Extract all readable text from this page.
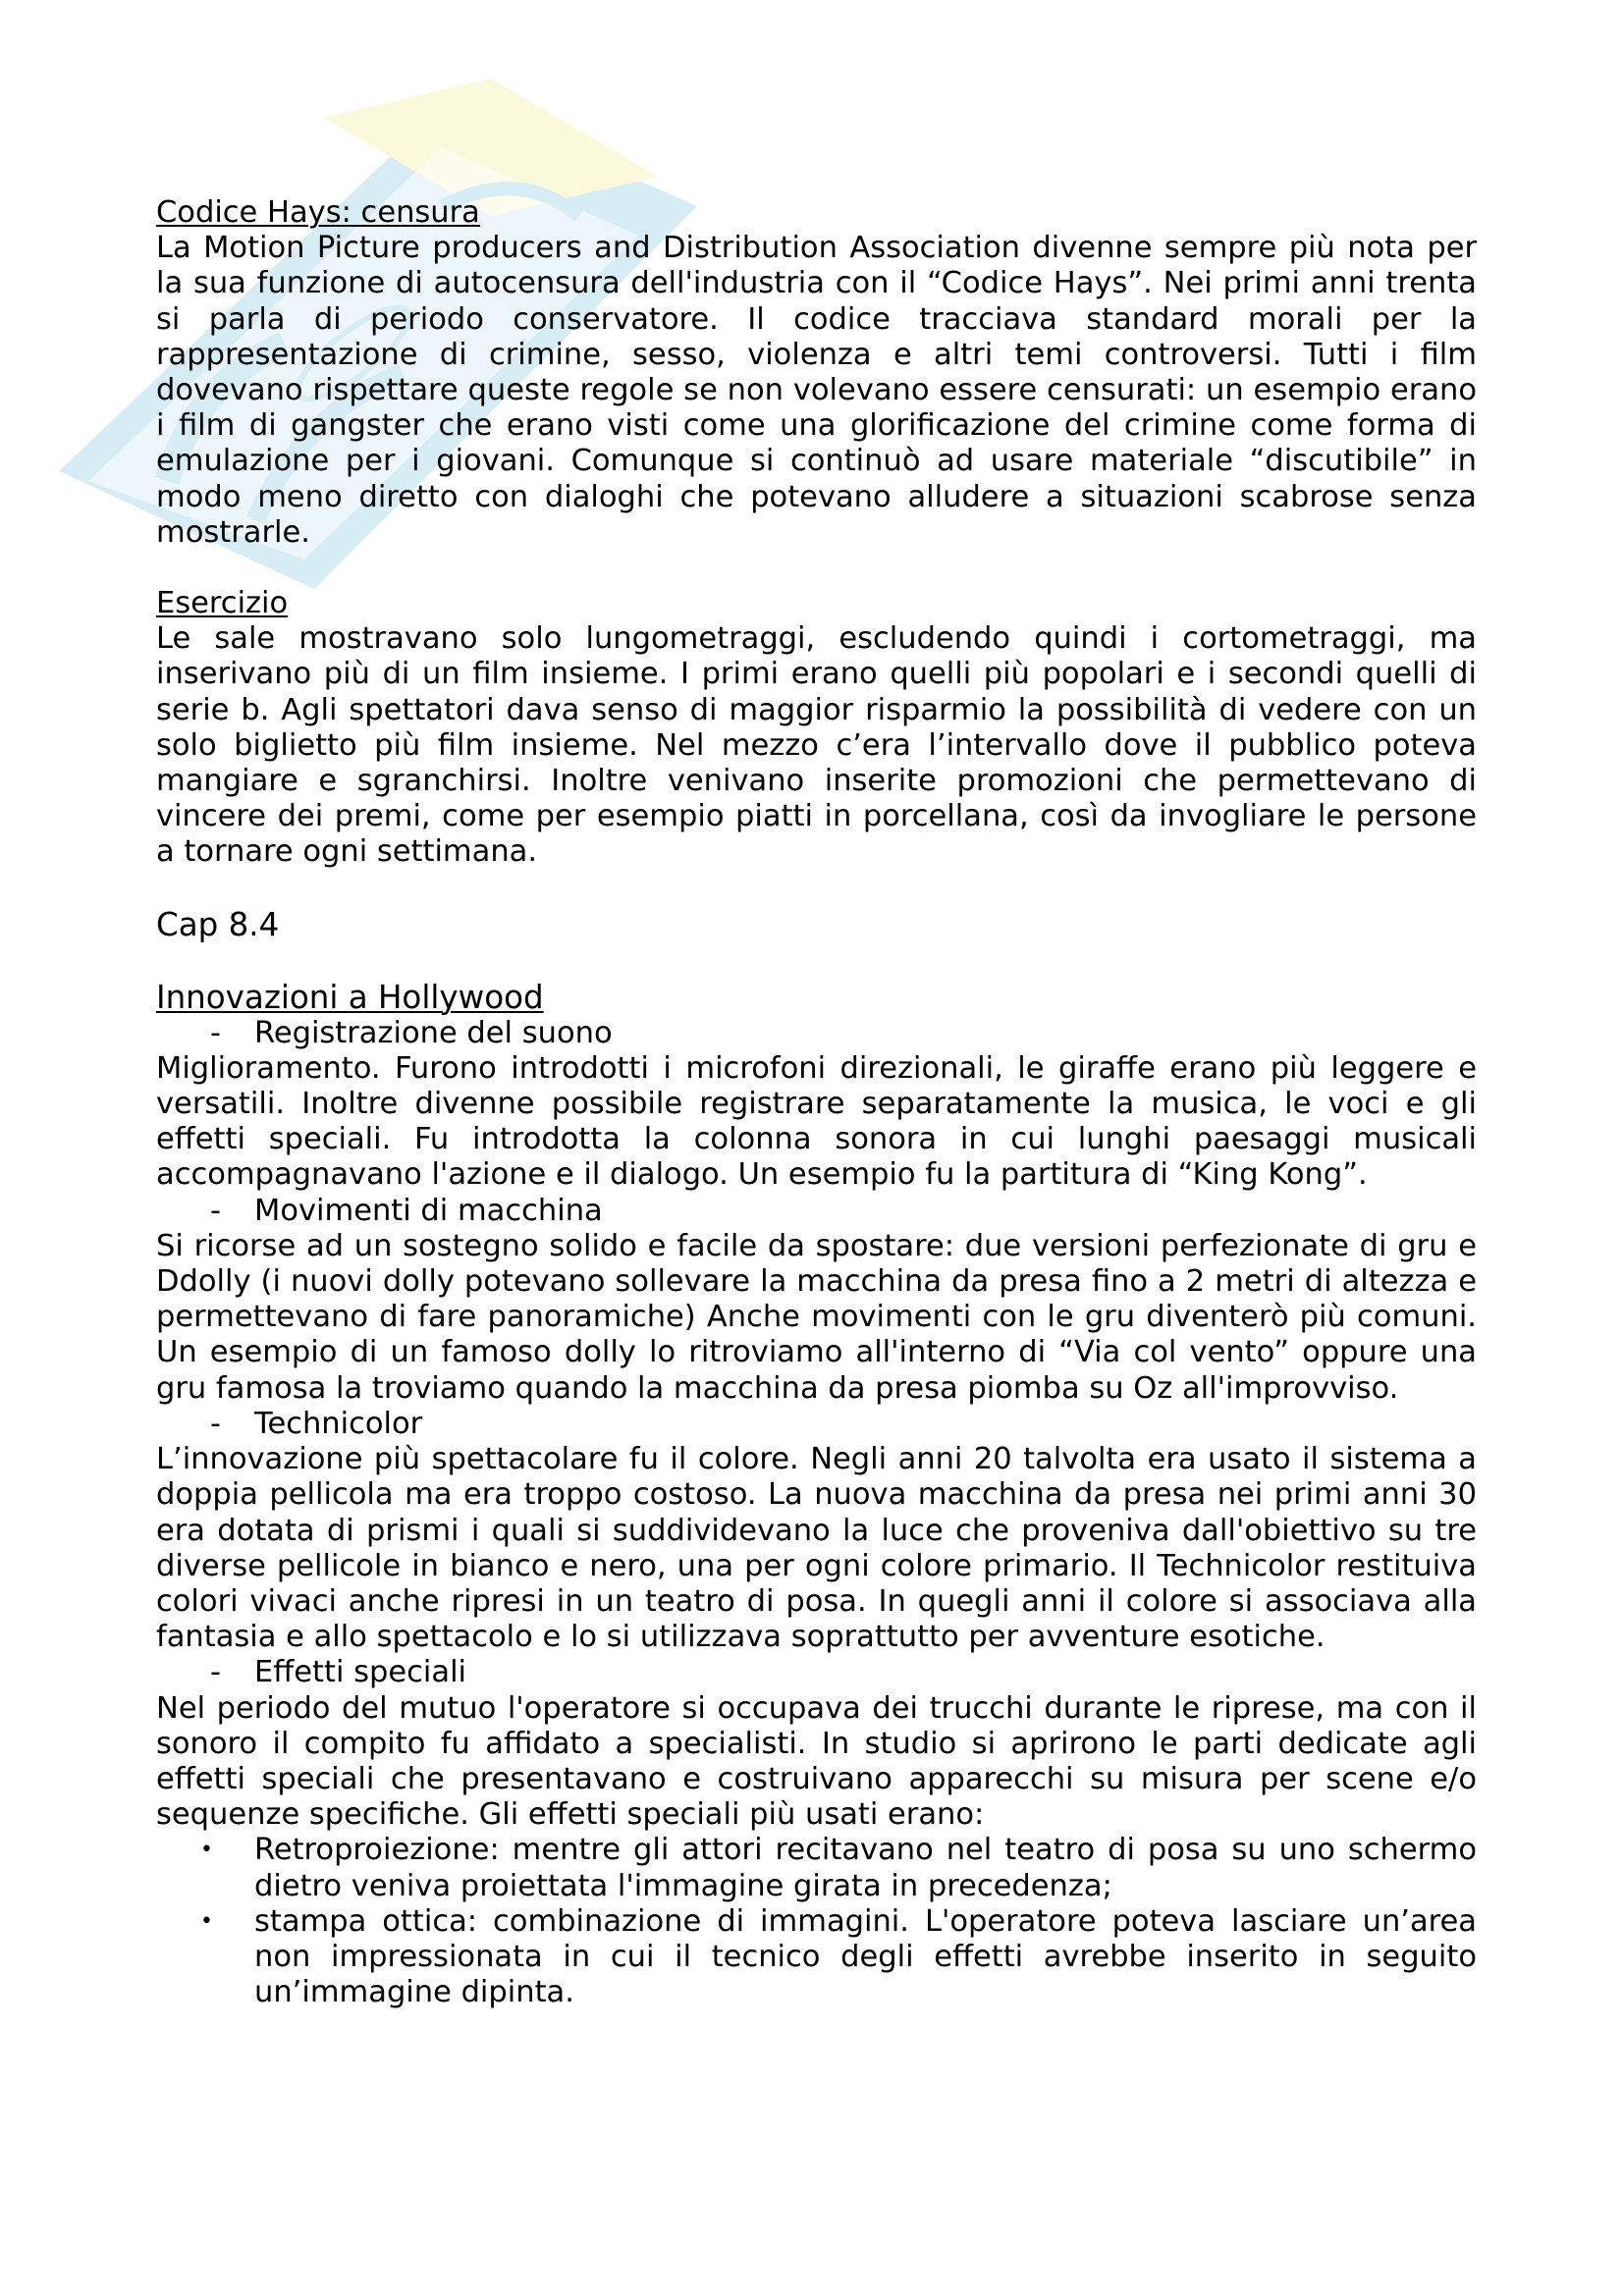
Codice Hays: censura
La Motion Picture producers and Distribution Association divenne sempre più nota per la sua funzione di autocensura dell'industria con il “Codice Hays”. Nei primi anni trenta si parla di periodo conservatore. Il codice tracciava standard morali per la rappresentazione di crimine, sesso, violenza e altri temi controversi. Tutti i film dovevano rispettare queste regole se non volevano essere censurati: un esempio erano i film di gangster che erano visti come una glorificazione del crimine come forma di emulazione per i giovani. Comunque si continuò ad usare materiale “discutibile” in modo meno diretto con dialoghi che potevano alludere a situazioni scabrose senza mostrarle.
Esercizio
Le sale mostravano solo lungometraggi, escludendo quindi i cortometraggi, ma inserivano più di un film insieme. I primi erano quelli più popolari e i secondi quelli di serie b. Agli spettatori dava senso di maggior risparmio la possibilità di vedere con un solo biglietto più film insieme. Nel mezzo c’era l’intervallo dove il pubblico poteva mangiare e sgranchirsi. Inoltre venivano inserite promozioni che permettevano di vincere dei premi, come per esempio piatti in porcellana, così da invogliare le persone a tornare ogni settimana.
Cap 8.4
Innovazioni a Hollywood
-	Registrazione del suono
Miglioramento. Furono introdotti i microfoni direzionali, le giraffe erano più leggere e versatili. Inoltre divenne possibile registrare separatamente la musica, le voci e gli effetti speciali. Fu introdotta la colonna sonora in cui lunghi paesaggi musicali accompagnavano l'azione e il dialogo. Un esempio fu la partitura di “King Kong”.
-	Movimenti di macchina
Si ricorse ad un sostegno solido e facile da spostare: due versioni perfezionate di gru e Ddolly (i nuovi dolly potevano sollevare la macchina da presa fino a 2 metri di altezza e permettevano di fare panoramiche) Anche movimenti con le gru diventerò più comuni. Un esempio di un famoso dolly lo ritroviamo all'interno di “Via col vento” oppure una gru famosa la troviamo quando la macchina da presa piomba su Oz all'improvviso.
-	Technicolor
L’innovazione più spettacolare fu il colore. Negli anni 20 talvolta era usato il sistema a doppia pellicola ma era troppo costoso. La nuova macchina da presa nei primi anni 30 era dotata di prismi i quali si suddividevano la luce che proveniva dall'obiettivo su tre diverse pellicole in bianco e nero, una per ogni colore primario. Il Technicolor restituiva colori vivaci anche ripresi in un teatro di posa. In quegli anni il colore si associava alla fantasia e allo spettacolo e lo si utilizzava soprattutto per avventure esotiche.
-	Effetti speciali
Nel periodo del mutuo l'operatore si occupava dei trucchi durante le riprese, ma con il sonoro il compito fu affidato a specialisti. In studio si aprirono le parti dedicate agli effetti speciali che presentavano e costruivano apparecchi su misura per scene e/o sequenze specifiche. Gli effetti speciali più usati erano:
•	Retroproiezione: mentre gli attori recitavano nel teatro di posa su uno schermo dietro veniva proiettata l'immagine girata in precedenza;
•	stampa ottica: combinazione di immagini. L'operatore poteva lasciare un’area non impressionata in cui il tecnico degli effetti avrebbe inserito in seguito un’immagine dipinta.
